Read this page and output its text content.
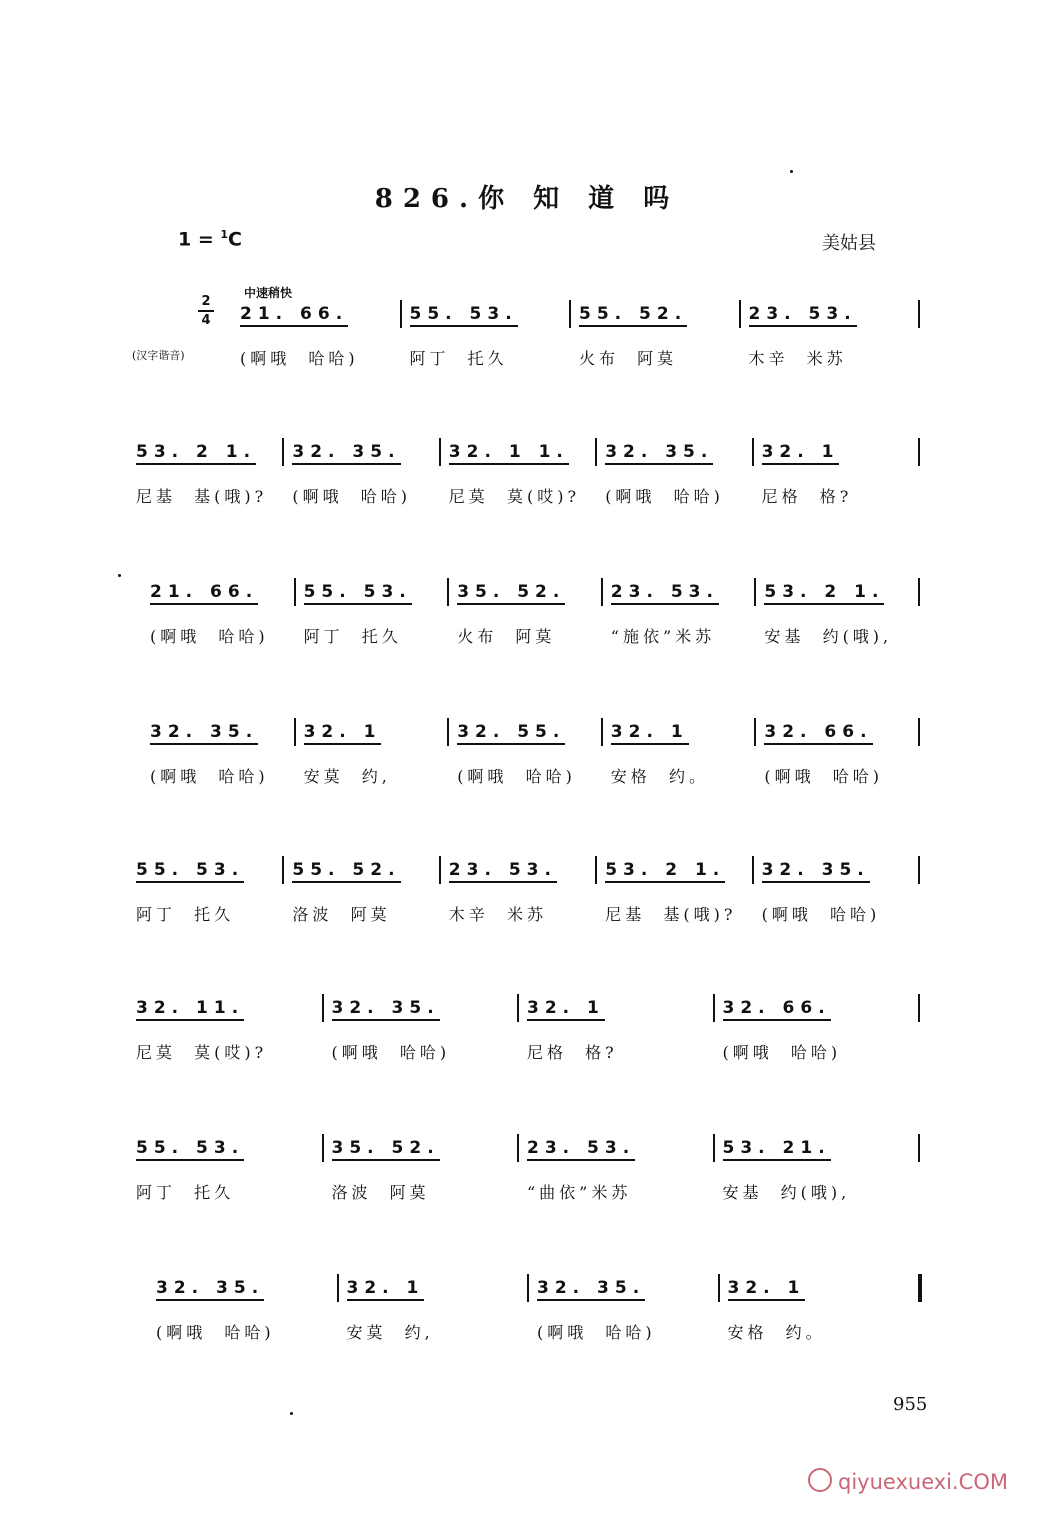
826.你 知 道 吗
1 = $^1$C	美姑县
中速稍快
2
4
(汉字谐音)
21. 66.
(啊哦  哈哈)
55. 53.
阿丁  托久
55. 52.
火布  阿莫
23. 53.
木辛  米苏
53. 2 1.
尼基  基(哦)?
32. 35.
(啊哦  哈哈)
32. 1 1.
尼莫  莫(哎)?
32. 35.
(啊哦  哈哈)
32. 1
尼格  格?
21. 66.
(啊哦  哈哈)
55. 53.
阿丁  托久
35. 52.
火布  阿莫
23. 53.
“施依”米苏
53. 2 1.
安基  约(哦),
32. 35.
(啊哦  哈哈)
32. 1
安莫  约,
32. 55.
(啊哦  哈哈)
32. 1
安格  约。
32. 66.
(啊哦  哈哈)
55. 53.
阿丁  托久
55. 52.
洛波  阿莫
23. 53.
木辛  米苏
53. 2 1.
尼基  基(哦)?
32. 35.
(啊哦  哈哈)
32. 11.
尼莫  莫(哎)?
32. 35.
(啊哦  哈哈)
32. 1
尼格  格?
32. 66.
(啊哦  哈哈)
55. 53.
阿丁  托久
35. 52.
洛波  阿莫
23. 53.
“曲依”米苏
53. 21.
安基  约(哦),
32. 35.
(啊哦  哈哈)
32. 1
安莫  约,
32. 35.
(啊哦  哈哈)
32. 1
安格  约。
955
qiyuexuexi.COM
